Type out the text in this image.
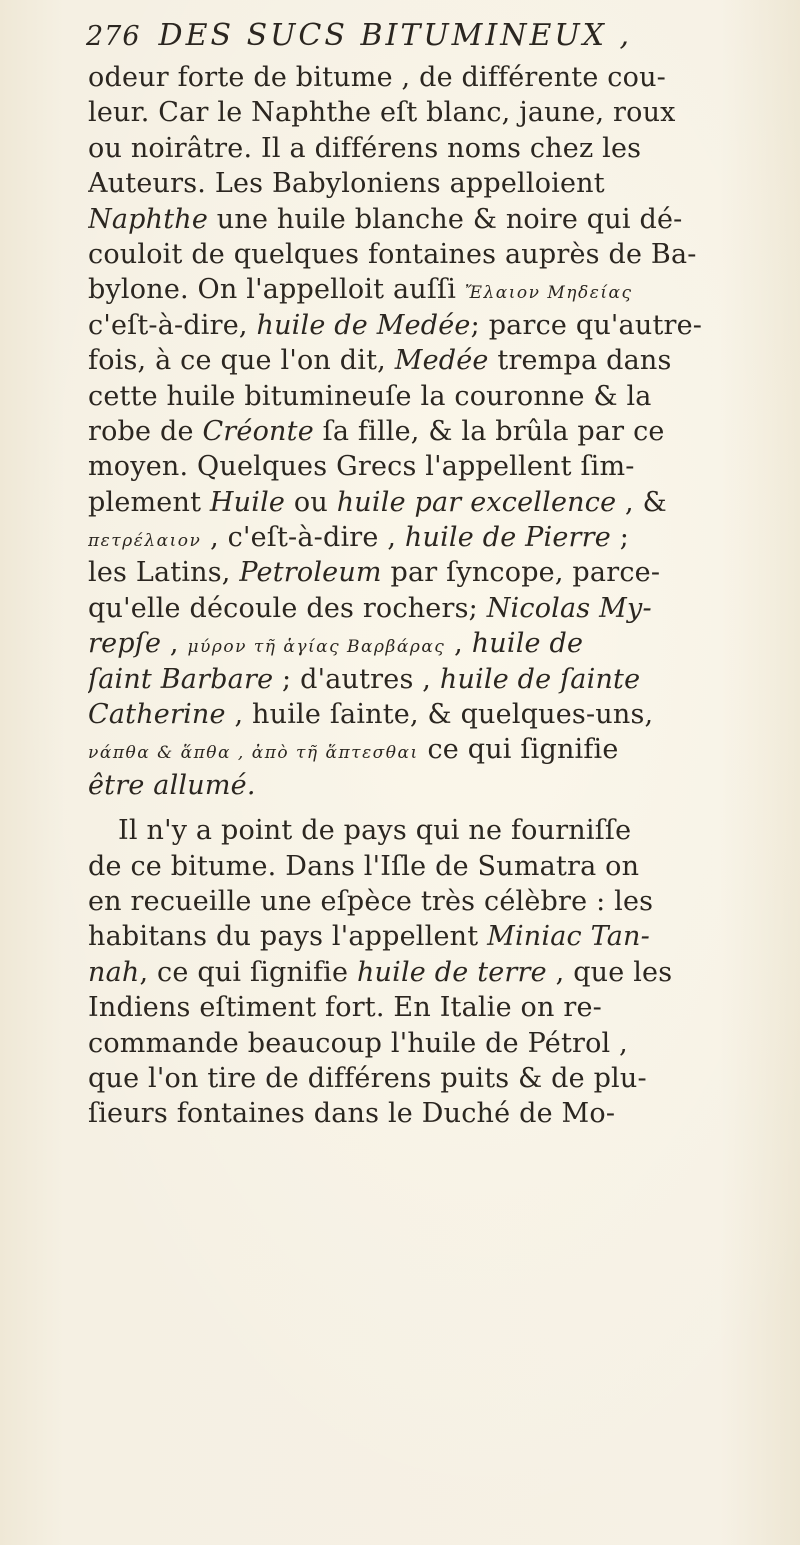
276 DES SUCS BITUMINEUX ,
odeur forte de bitume , de différente cou-
leur. Car le Naphthe eſt blanc, jaune, roux
ou noirâtre. Il a différens noms chez les
Auteurs. Les Babyloniens appelloient
Naphthe une huile blanche & noire qui dé-
couloit de quelques fontaines auprès de Ba-
bylone. On l'appelloit auſſi Ἔλαιον Μηδείας
c'eſt-à-dire, huile de Medée; parce qu'autre-
fois, à ce que l'on dit, Medée trempa dans
cette huile bitumineuſe la couronne & la
robe de Créonte ſa fille, & la brûla par ce
moyen. Quelques Grecs l'appellent ſim-
plement Huile ou huile par excellence , &
πετρέλαιον , c'eſt-à-dire , huile de Pierre ;
les Latins, Petroleum par ſyncope, parce-
qu'elle découle des rochers; Nicolas My-
repſe , μύρον τῆ ἁγίας Βαρβάρας , huile de
ſaint Barbare ; d'autres , huile de ſainte
Catherine , huile ſainte, & quelques-uns,
νάπθα & ἅπθα , ἀπὸ τῆ ἅπτεσθαι ce qui ſignifie
être allumé.
Il n'y a point de pays qui ne fourniſſe
de ce bitume. Dans l'Iſle de Sumatra on
en recueille une eſpèce très célèbre : les
habitans du pays l'appellent Miniac Tan-
nah, ce qui ſignifie huile de terre , que les
Indiens eſtiment fort. En Italie on re-
commande beaucoup l'huile de Pétrol ,
que l'on tire de différens puits & de plu-
ſieurs fontaines dans le Duché de Mo-
